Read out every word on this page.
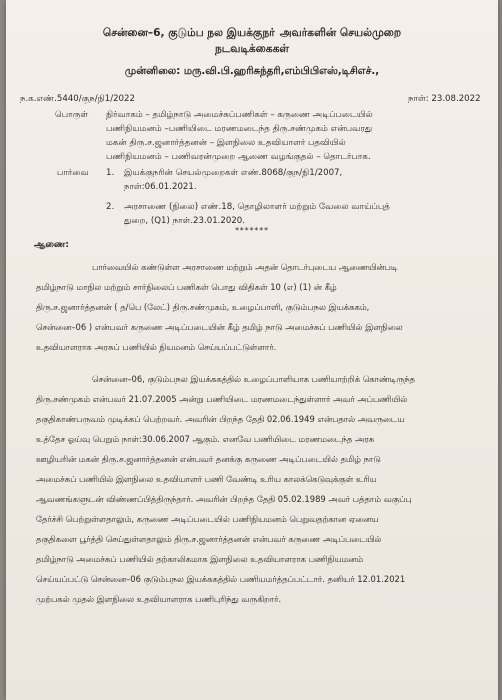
சென்னை–6, குடும்ப நல இயக்குநா் அவர்களின் செயல்முறை
நடவடிக்கைகள்
முன்னிலை: மரு.வி.பி.ஹரிசுந்தரி,எம்பிபிஎஸ்,டிசிஎச்.,
ந.க.எண்.5440/குந/நி1/2022	நாள்: 23.08.2022
பொருள் நிர்வாகம் – தமிழ்நாடு அமைச்சுப்பணிகள் – கருணை அடிப்படையில்
பணிநியமனம் –பணியிடை மரணமடைந்த திரு.சண்முகம் என்பவரது
மகன் திரு.ச.ஜனார்த்தனன் – இளநிலை உதவியாளர் பதவியில்
பணிநியமனம் – பணிவரன்முறை ஆணை வழங்குதல் – தொடர்பாக.
பார்வை 1. இயக்குநரின் செயல்முறைகள் எண்.8068/குந/நி1/2007,
நாள்:06.01.2021.
2. அரசாணை (நிலை) எண்.18, தொழிலாளர் மற்றும் வேலை வாய்ப்புத்
துறை, (Q1) நாள்.23.01.2020.
*******
ஆணை:
பார்வையில் கண்டுள்ள அரசாணை மற்றும் அதன் தொடர்புடைய ஆணையின்படி
தமிழ்நாடு மாநில மற்றும் சார்நிலைப் பணிகள் பொது விதிகள் 10 (எ) (1) ன் கீழ்
திரு.ச.ஜனார்த்தனன் ( த/பெ (லேட்) திரு.சண்முகம், உழைப்பாளி, குடும்பநல இயக்ககம்,
சென்னை–06 ) என்பவர் கருணை அடிப்படையின் கீழ் தமிழ் நாடு அமைச்சுப் பணியில் இளநிலை
உதவியாளராக அரசுப் பணியில் நியமனம் செய்யப்பட்டுள்ளார்.
சென்னை–06, குடும்பநல இயக்ககத்தில் உழைப்பாளியாக பணியாற்றிக் கொண்டிருந்த
திரு.சண்முகம் என்பவர் 21.07.2005 அன்று பணியிடை மரணமடைந்துள்ளார் அவர் அப்பணியில்
தகுதிகாண்பருவம் முடிக்கப் பெற்றவர். அவரின் பிறந்த தேதி 02.06.1949 என்பதால் அவருடைய
உத்தேச ஓய்வு பெறும் நாள்:30.06.2007 ஆகும். எனவே பணியிடை மரணமடைந்த அரசு
ஊழியரின் மகன் திரு.ச.ஜனார்த்தனன் என்பவர் தனக்கு கருணை அடிப்படையில் தமிழ் நாடு
அமைச்சுப் பணியில் இளநிலை உதவியாளர் பணி வேண்டி உரிய காலக்கெடுவுக்குள் உரிய
ஆவணங்களுடன் விண்ணப்பித்திருந்தார். அவரின் பிறந்த தேதி 05.02.1989 அவர் பத்தாம் வகுப்பு
தேர்ச்சி பெற்றுள்ளதாலும், கருணை அடிப்படையில் பணிநியமனம் பெறுவதற்கான ஏனைய
தகுதிகளை பூர்த்தி செய்துள்ளதாலும் திரு.ச.ஜனார்த்தனன் என்பவர் கருணை அடிப்படையில்
தமிழ்நாடு அமைச்சுப் பணியில் தற்காலிகமாக இளநிலை உதவியாளராக பணிநியமனம்
செய்யப்பட்டு சென்னை–06 குடும்பநல இயக்ககத்தில் பணியமர்த்தப்பட்டார். தனியர் 12.01.2021
முற்பகல் முதல் இளநிலை உதவியாளராக பணிபுரிந்து வருகிறார்.
